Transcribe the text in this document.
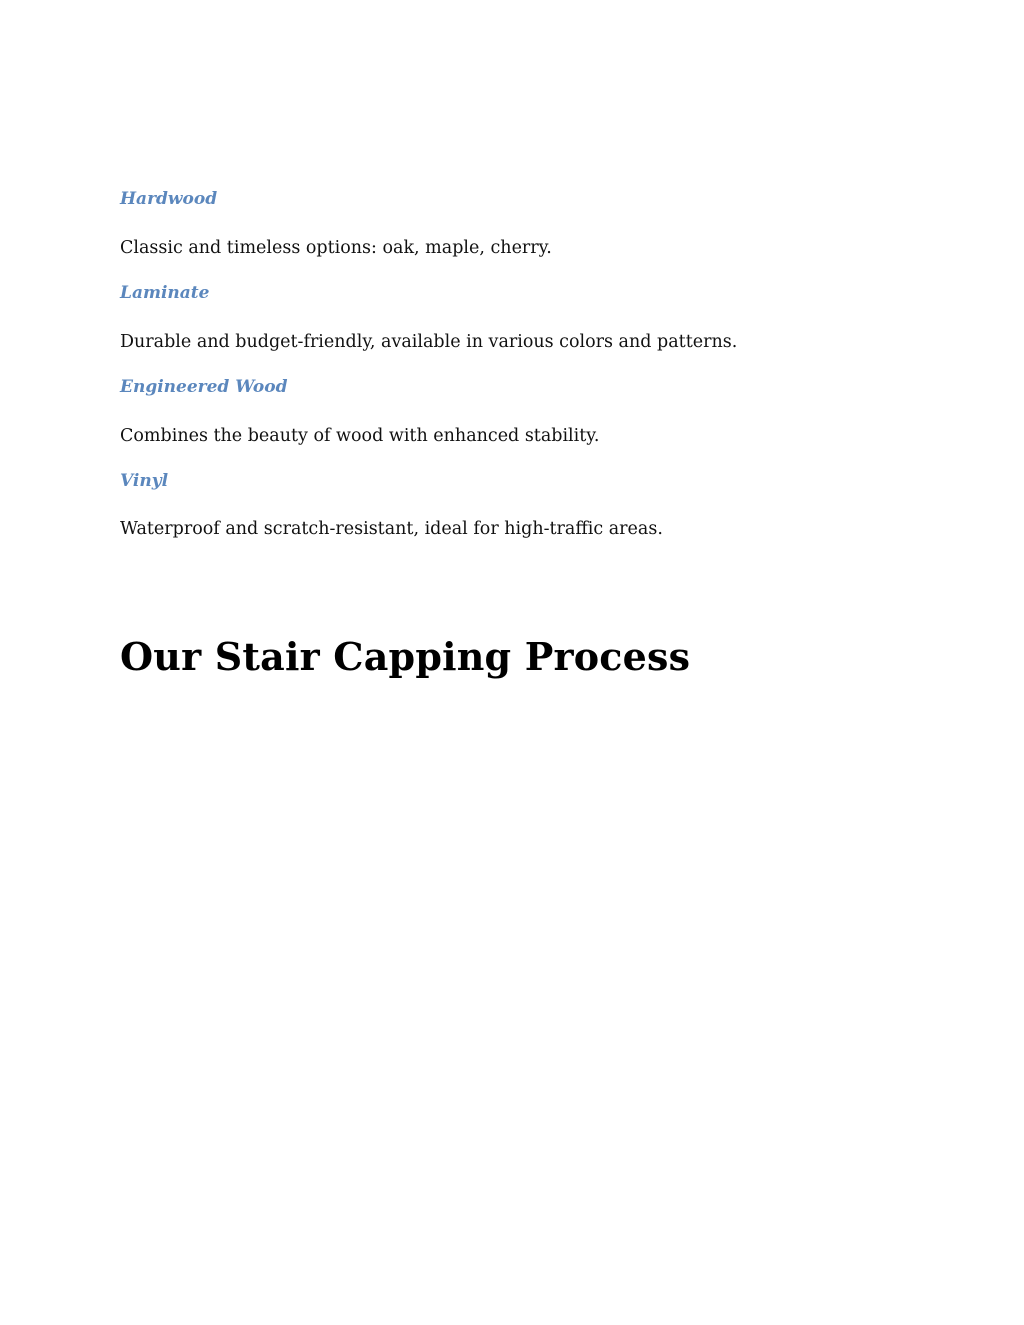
Hardwood

Classic and timeless options: oak, maple, cherry.

Laminate

Durable and budget-friendly, available in various colors and patterns.

Engineered Wood

Combines the beauty of wood with enhanced stability.

Vinyl

Waterproof and scratch-resistant, ideal for high-traffic areas.

Our Stair Capping Process
